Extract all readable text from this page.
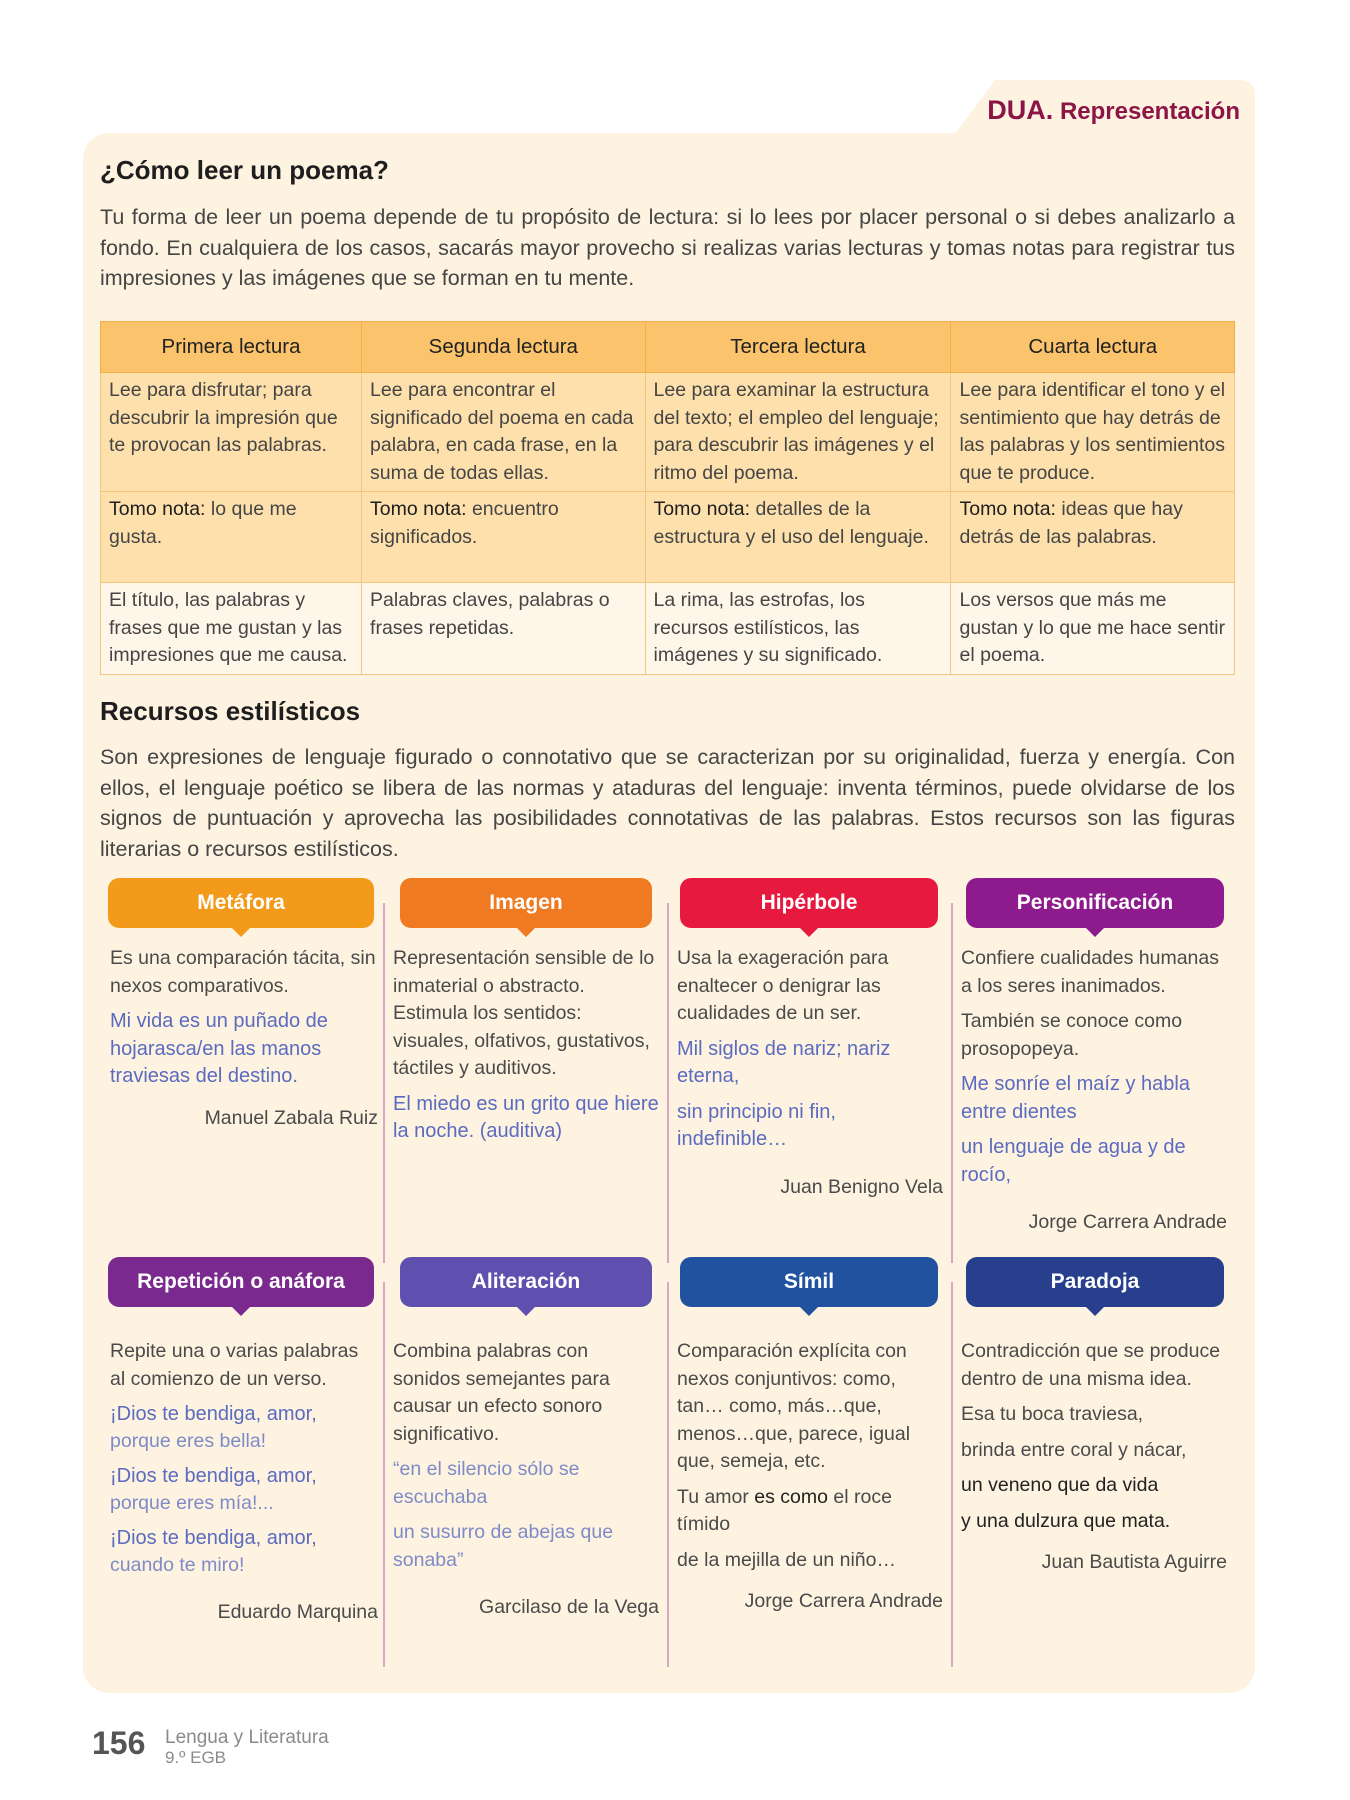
DUA. Representación
¿Cómo leer un poema?

Tu forma de leer un poema depende de tu propósito de lectura: si lo lees por placer personal o si debes analizarlo a fondo. En cualquiera de los casos, sacarás mayor provecho si realizas varias lecturas y tomas notas para registrar tus impresiones y las imágenes que se forman en tu mente.

Primera lectura	Segunda lectura	Tercera lectura	Cuarta lectura
Lee para disfrutar; para descubrir la impresión que te provocan las palabras.	Lee para encontrar el significado del poema en cada palabra, en cada frase, en la suma de todas ellas.	Lee para examinar la estructura del texto; el empleo del lenguaje; para descubrir las imágenes y el ritmo del poema.	Lee para identificar el tono y el sentimiento que hay detrás de las palabras y los sentimientos que te produce.
Tomo nota: lo que me gusta.	Tomo nota: encuentro significados.	Tomo nota: detalles de la estructura y el uso del lenguaje.	Tomo nota: ideas que hay detrás de las palabras.
El título, las palabras y frases que me gustan y las impresiones que me causa.	Palabras claves, palabras o frases repetidas.	La rima, las estrofas, los recursos estilísticos, las imágenes y su significado.	Los versos que más me gustan y lo que me hace sentir el poema.
Recursos estilísticos

Son expresiones de lenguaje figurado o connotativo que se caracterizan por su originalidad, fuerza y energía. Con ellos, el lenguaje poético se libera de las normas y ataduras del lenguaje: inventa términos, puede olvidarse de los signos de puntuación y aprovecha las posibilidades connotativas de las palabras. Estos recursos son las figuras literarias o recursos estilísticos.

Metáfora	Imagen	Hipérbole	Personificación

Es una comparación tácita, sin nexos comparativos.

Mi vida es un puñado de hojarasca/en las manos traviesas del destino.

Manuel Zabala Ruiz

Representación sensible de lo inmaterial o abstracto. Estimula los sentidos: visuales, olfativos, gustativos, táctiles y auditivos.

El miedo es un grito que hiere la noche. (auditiva)

Usa la exageración para enaltecer o denigrar las cualidades de un ser.

Mil siglos de nariz; nariz eterna,

sin principio ni fin, indefinible…

Juan Benigno Vela

Confiere cualidades humanas a los seres inanimados.

También se conoce como prosopopeya.

Me sonríe el maíz y habla entre dientes

un lenguaje de agua y de rocío,

Jorge Carrera Andrade

Repetición o anáfora	Aliteración	Símil	Paradoja

Repite una o varias palabras al comienzo de un verso.

¡Dios te bendiga, amor,
porque eres bella!

¡Dios te bendiga, amor,
porque eres mía!...

¡Dios te bendiga, amor,
cuando te miro!

Eduardo Marquina

Combina palabras con sonidos semejantes para causar un efecto sonoro significativo.

“en el silencio sólo se escuchaba

un susurro de abejas que sonaba”

Garcilaso de la Vega

Comparación explícita con nexos conjuntivos: como, tan… como, más…que, menos…que, parece, igual que, semeja, etc.

Tu amor es como el roce tímido

de la mejilla de un niño…

Jorge Carrera Andrade

Contradicción que se produce dentro de una misma idea.

Esa tu boca traviesa,

brinda entre coral y nácar,

un veneno que da vida

y una dulzura que mata.

Juan Bautista Aguirre

156 Lengua y Literatura
9.º EGB
